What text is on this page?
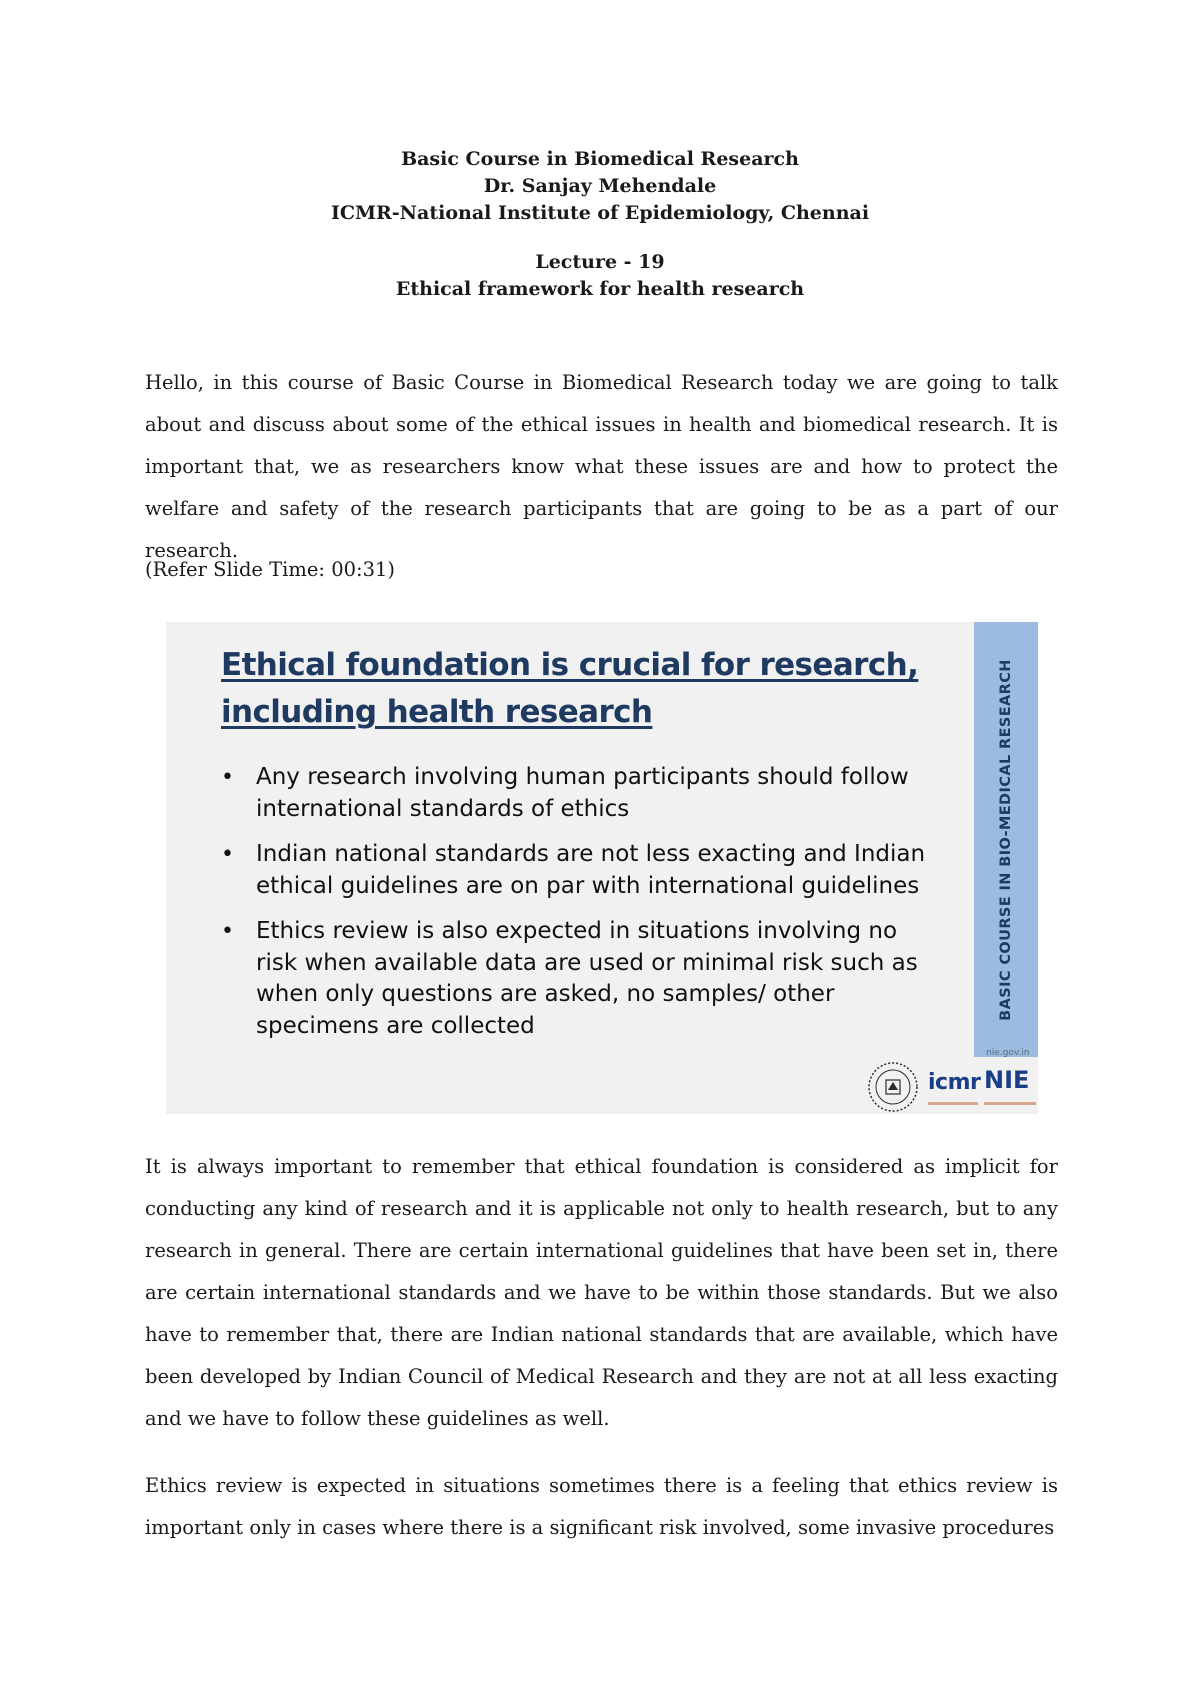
Basic Course in Biomedical Research
Dr. Sanjay Mehendale
ICMR-National Institute of Epidemiology, Chennai
Lecture - 19
Ethical framework for health research

Hello, in this course of Basic Course in Biomedical Research today we are going to talk about and discuss about some of the ethical issues in health and biomedical research. It is important that, we as researchers know what these issues are and how to protect the welfare and safety of the research participants that are going to be as a part of our research.

(Refer Slide Time: 00:31)
Ethical foundation is crucial for research, including health research
• Any research involving human participants should follow international standards of ethics
• Indian national standards are not less exacting and Indian ethical guidelines are on par with international guidelines
• Ethics review is also expected in situations involving no risk when available data are used or minimal risk such as when only questions are asked, no samples/ other specimens are collected
BASIC COURSE IN BIO-MEDICAL RESEARCH
nie.gov.in
icmr NIE

It is always important to remember that ethical foundation is considered as implicit for conducting any kind of research and it is applicable not only to health research, but to any research in general. There are certain international guidelines that have been set in, there are certain international standards and we have to be within those standards. But we also have to remember that, there are Indian national standards that are available, which have been developed by Indian Council of Medical Research and they are not at all less exacting and we have to follow these guidelines as well.

Ethics review is expected in situations sometimes there is a feeling that ethics review is important only in cases where there is a significant risk involved, some invasive procedures
